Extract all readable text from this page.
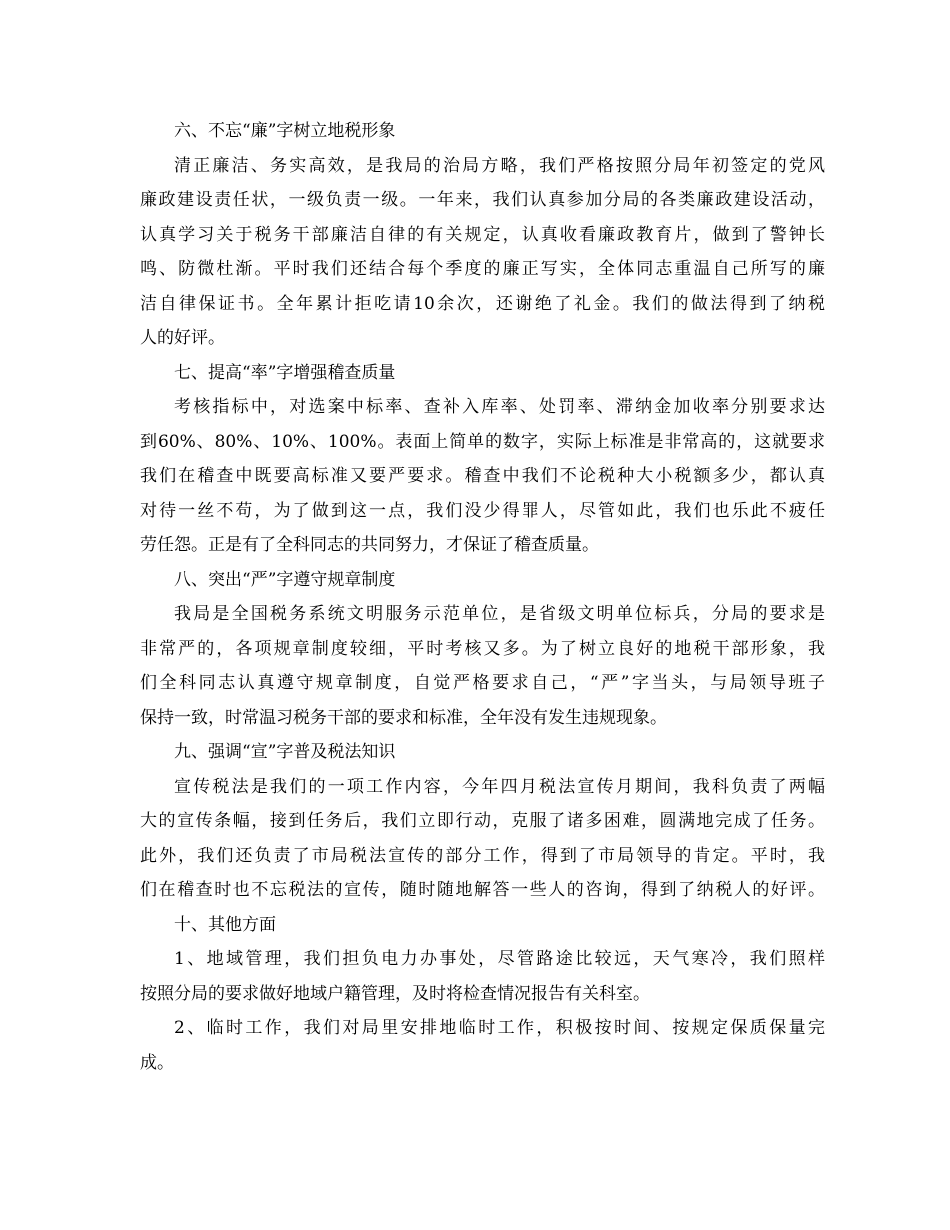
六、不忘“廉”字树立地税形象
清正廉洁、务实高效，是我局的治局方略，我们严格按照分局年初签定的党风
廉政建设责任状，一级负责一级。一年来，我们认真参加分局的各类廉政建设活动，
认真学习关于税务干部廉洁自律的有关规定，认真收看廉政教育片，做到了警钟长
鸣、防微杜渐。平时我们还结合每个季度的廉正写实，全体同志重温自己所写的廉
洁自律保证书。全年累计拒吃请10余次，还谢绝了礼金。我们的做法得到了纳税
人的好评。
七、提高“率”字增强稽查质量
考核指标中，对选案中标率、查补入库率、处罚率、滞纳金加收率分别要求达
到60%、80%、10%、100%。表面上简单的数字，实际上标准是非常高的，这就要求
我们在稽查中既要高标准又要严要求。稽查中我们不论税种大小税额多少，都认真
对待一丝不苟，为了做到这一点，我们没少得罪人，尽管如此，我们也乐此不疲任
劳任怨。正是有了全科同志的共同努力，才保证了稽查质量。
八、突出“严”字遵守规章制度
我局是全国税务系统文明服务示范单位，是省级文明单位标兵，分局的要求是
非常严的，各项规章制度较细，平时考核又多。为了树立良好的地税干部形象，我
们全科同志认真遵守规章制度，自觉严格要求自己，“严”字当头，与局领导班子
保持一致，时常温习税务干部的要求和标准，全年没有发生违规现象。
九、强调“宣”字普及税法知识
宣传税法是我们的一项工作内容，今年四月税法宣传月期间，我科负责了两幅
大的宣传条幅，接到任务后，我们立即行动，克服了诸多困难，圆满地完成了任务。
此外，我们还负责了市局税法宣传的部分工作，得到了市局领导的肯定。平时，我
们在稽查时也不忘税法的宣传，随时随地解答一些人的咨询，得到了纳税人的好评。
十、其他方面
1、地域管理，我们担负电力办事处，尽管路途比较远，天气寒冷，我们照样
按照分局的要求做好地域户籍管理，及时将检查情况报告有关科室。
2、临时工作，我们对局里安排地临时工作，积极按时间、按规定保质保量完
成。
